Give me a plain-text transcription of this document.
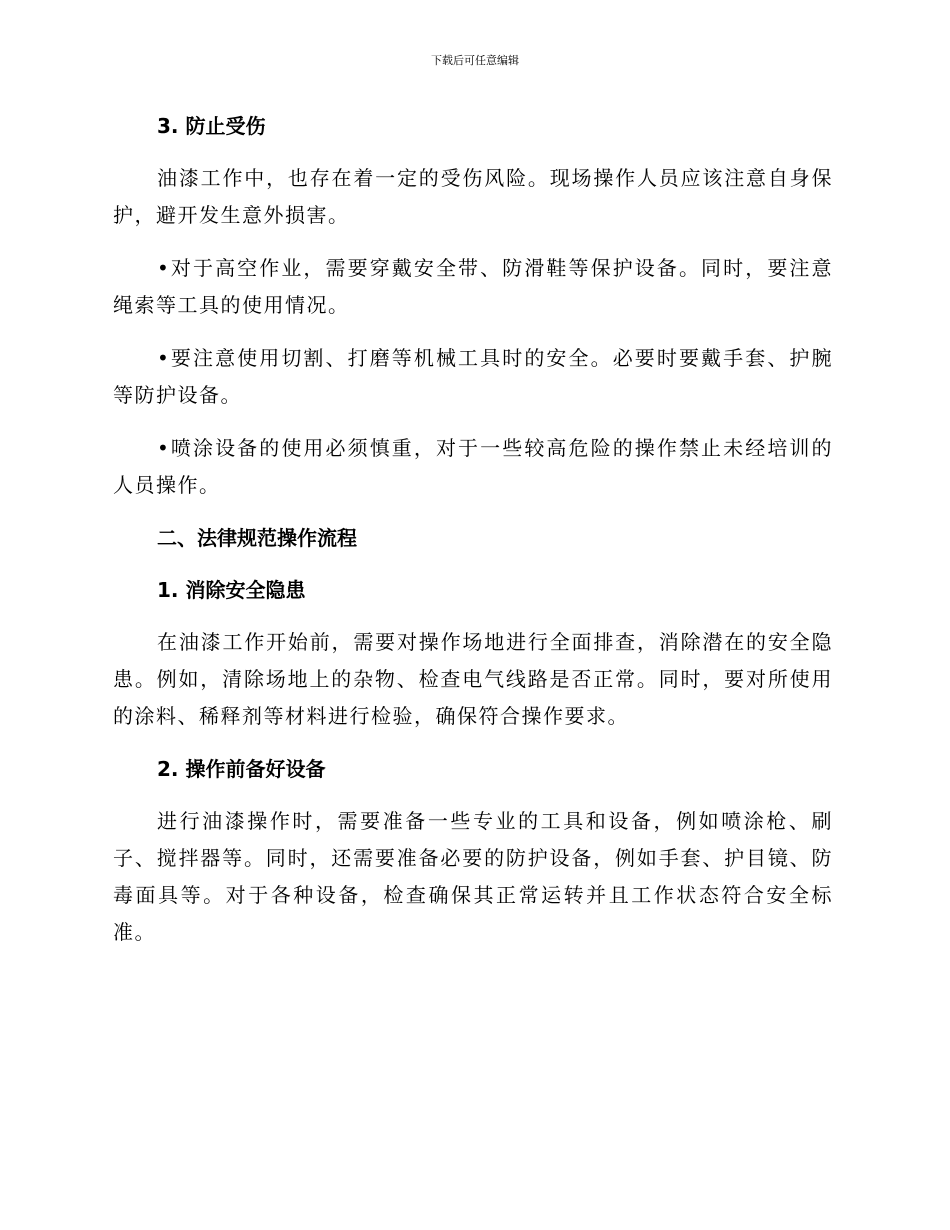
下载后可任意编辑
3. 防止受伤

油漆工作中，也存在着一定的受伤风险。现场操作人员应该注意自身保护，避开发生意外损害。

•对于高空作业，需要穿戴安全带、防滑鞋等保护设备。同时，要注意绳索等工具的使用情况。

•要注意使用切割、打磨等机械工具时的安全。必要时要戴手套、护腕等防护设备。

•喷涂设备的使用必须慎重，对于一些较高危险的操作禁止未经培训的人员操作。

二、法律规范操作流程
1. 消除安全隐患

在油漆工作开始前，需要对操作场地进行全面排查，消除潜在的安全隐患。例如，清除场地上的杂物、检查电气线路是否正常。同时，要对所使用的涂料、稀释剂等材料进行检验，确保符合操作要求。

2. 操作前备好设备

进行油漆操作时，需要准备一些专业的工具和设备，例如喷涂枪、刷子、搅拌器等。同时，还需要准备必要的防护设备，例如手套、护目镜、防毒面具等。对于各种设备，检查确保其正常运转并且工作状态符合安全标准。
